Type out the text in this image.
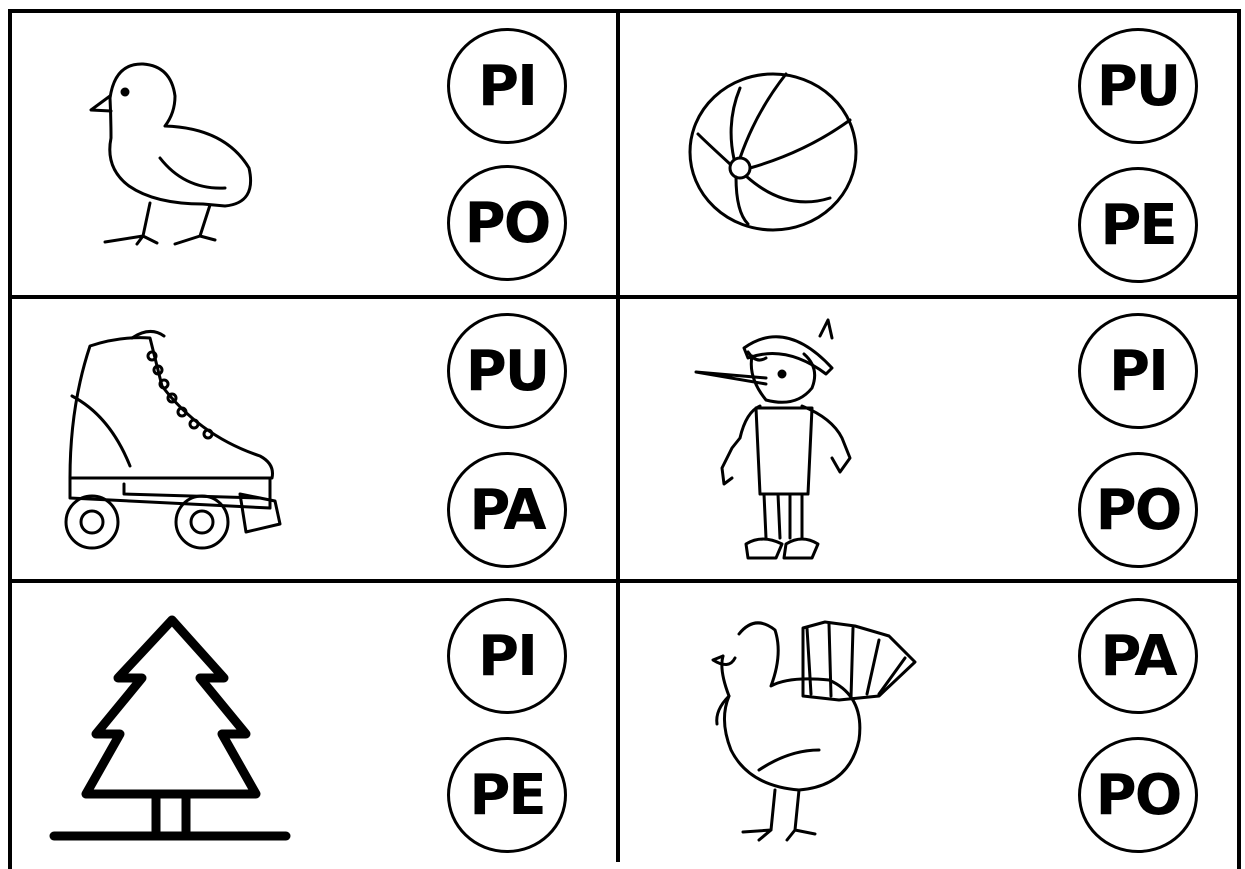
PI
PO
PU
PE
PU
PA
PI
PO
PI
PE
PA
PO
